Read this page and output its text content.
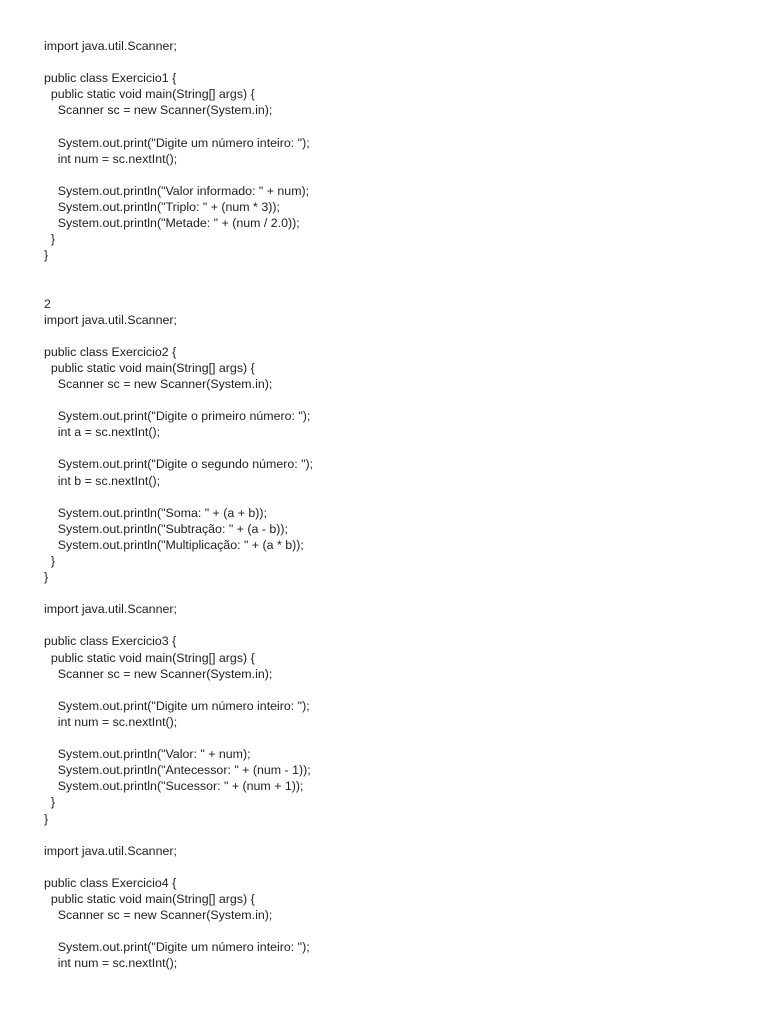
import java.util.Scanner;
public class Exercicio1 {
public static void main(String[] args) {
Scanner sc = new Scanner(System.in);
System.out.print("Digite um número inteiro: ");
int num = sc.nextInt();
System.out.println("Valor informado: " + num);
System.out.println("Triplo: " + (num * 3));
System.out.println("Metade: " + (num / 2.0));
}
}
2
import java.util.Scanner;
public class Exercicio2 {
public static void main(String[] args) {
Scanner sc = new Scanner(System.in);
System.out.print("Digite o primeiro número: ");
int a = sc.nextInt();
System.out.print("Digite o segundo número: ");
int b = sc.nextInt();
System.out.println("Soma: " + (a + b));
System.out.println("Subtração: " + (a - b));
System.out.println("Multiplicação: " + (a * b));
}
}
import java.util.Scanner;
public class Exercicio3 {
public static void main(String[] args) {
Scanner sc = new Scanner(System.in);
System.out.print("Digite um número inteiro: ");
int num = sc.nextInt();
System.out.println("Valor: " + num);
System.out.println("Antecessor: " + (num - 1));
System.out.println("Sucessor: " + (num + 1));
}
}
import java.util.Scanner;
public class Exercicio4 {
public static void main(String[] args) {
Scanner sc = new Scanner(System.in);
System.out.print("Digite um número inteiro: ");
int num = sc.nextInt();
